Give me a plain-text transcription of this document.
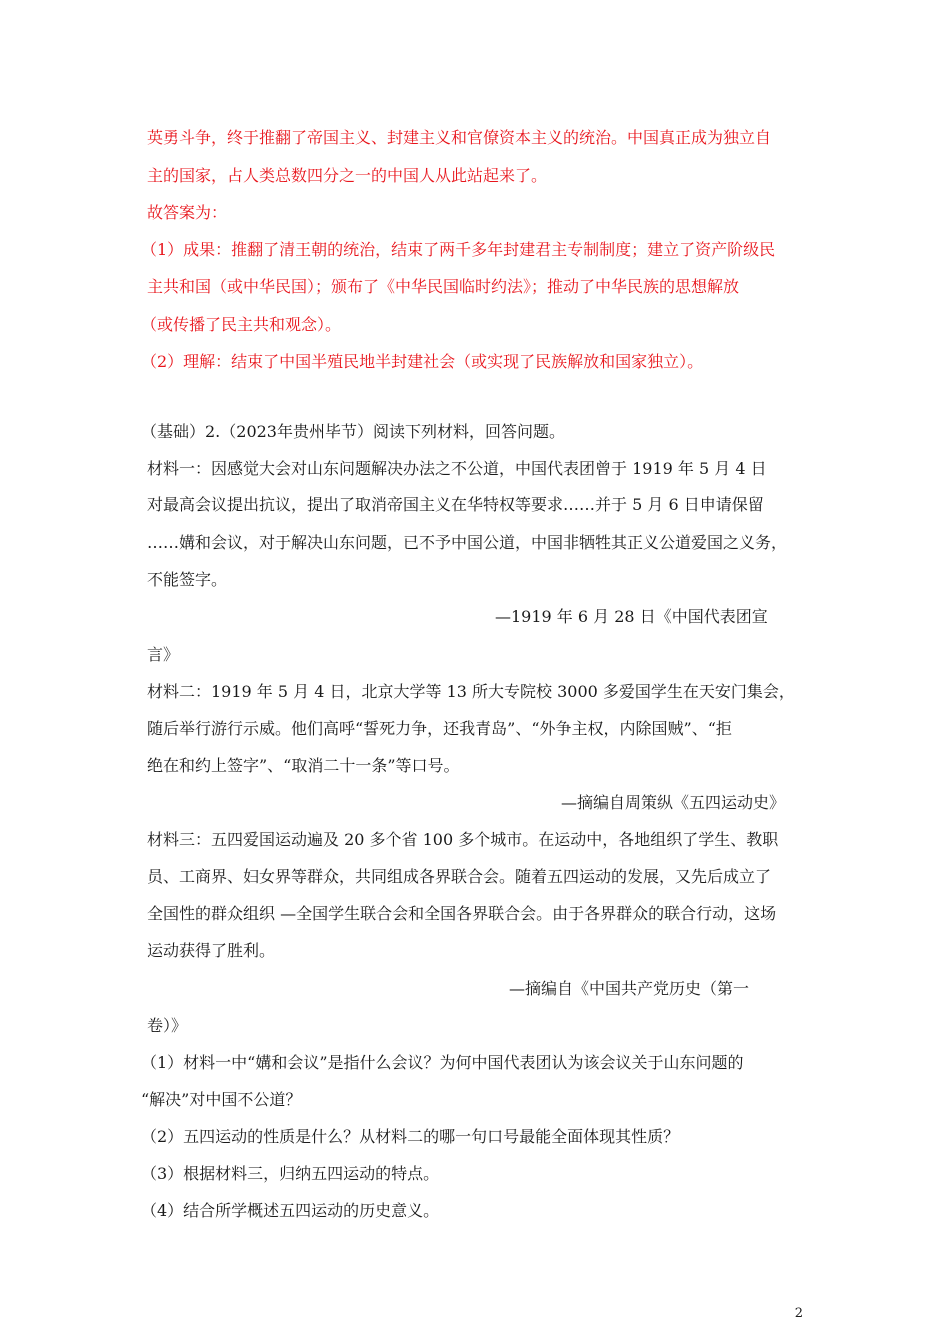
英勇斗争，终于推翻了帝国主义、封建主义和官僚资本主义的统治。中国真正成为独立自
主的国家，占人类总数四分之一的中国人从此站起来了。
故答案为：
（1）成果：推翻了清王朝的统治，结束了两千多年封建君主专制制度；建立了资产阶级民
主共和国（或中华民国）；颁布了《中华民国临时约法》；推动了中华民族的思想解放
（或传播了民主共和观念）。
（2）理解：结束了中国半殖民地半封建社会（或实现了民族解放和国家独立）。
（基础）2.（2023年贵州毕节）阅读下列材料，回答问题。
材料一：因感觉大会对山东问题解决办法之不公道，中国代表团曾于 1919 年 5 月 4 日
对最高会议提出抗议，提出了取消帝国主义在华特权等要求……并于 5 月 6 日申请保留
……媾和会议，对于解决山东问题，已不予中国公道，中国非牺牲其正义公道爱国之义务，
不能签字。
—1919 年 6 月 28 日《中国代表团宣
言》
材料二：1919 年 5 月 4 日，北京大学等 13 所大专院校 3000 多爱国学生在天安门集会，
随后举行游行示威。他们高呼“誓死力争，还我青岛”、“外争主权，内除国贼”、“拒
绝在和约上签字”、“取消二十一条”等口号。
—摘编自周策纵《五四运动史》
材料三：五四爱国运动遍及 20 多个省 100 多个城市。在运动中，各地组织了学生、教职
员、工商界、妇女界等群众，共同组成各界联合会。随着五四运动的发展，又先后成立了
全国性的群众组织 —全国学生联合会和全国各界联合会。由于各界群众的联合行动，这场
运动获得了胜利。
—摘编自《中国共产党历史（第一
卷）》
（1）材料一中“媾和会议”是指什么会议？为何中国代表团认为该会议关于山东问题的
“解决”对中国不公道？
（2）五四运动的性质是什么？从材料二的哪一句口号最能全面体现其性质？
（3）根据材料三，归纳五四运动的特点。
（4）结合所学概述五四运动的历史意义。
2
